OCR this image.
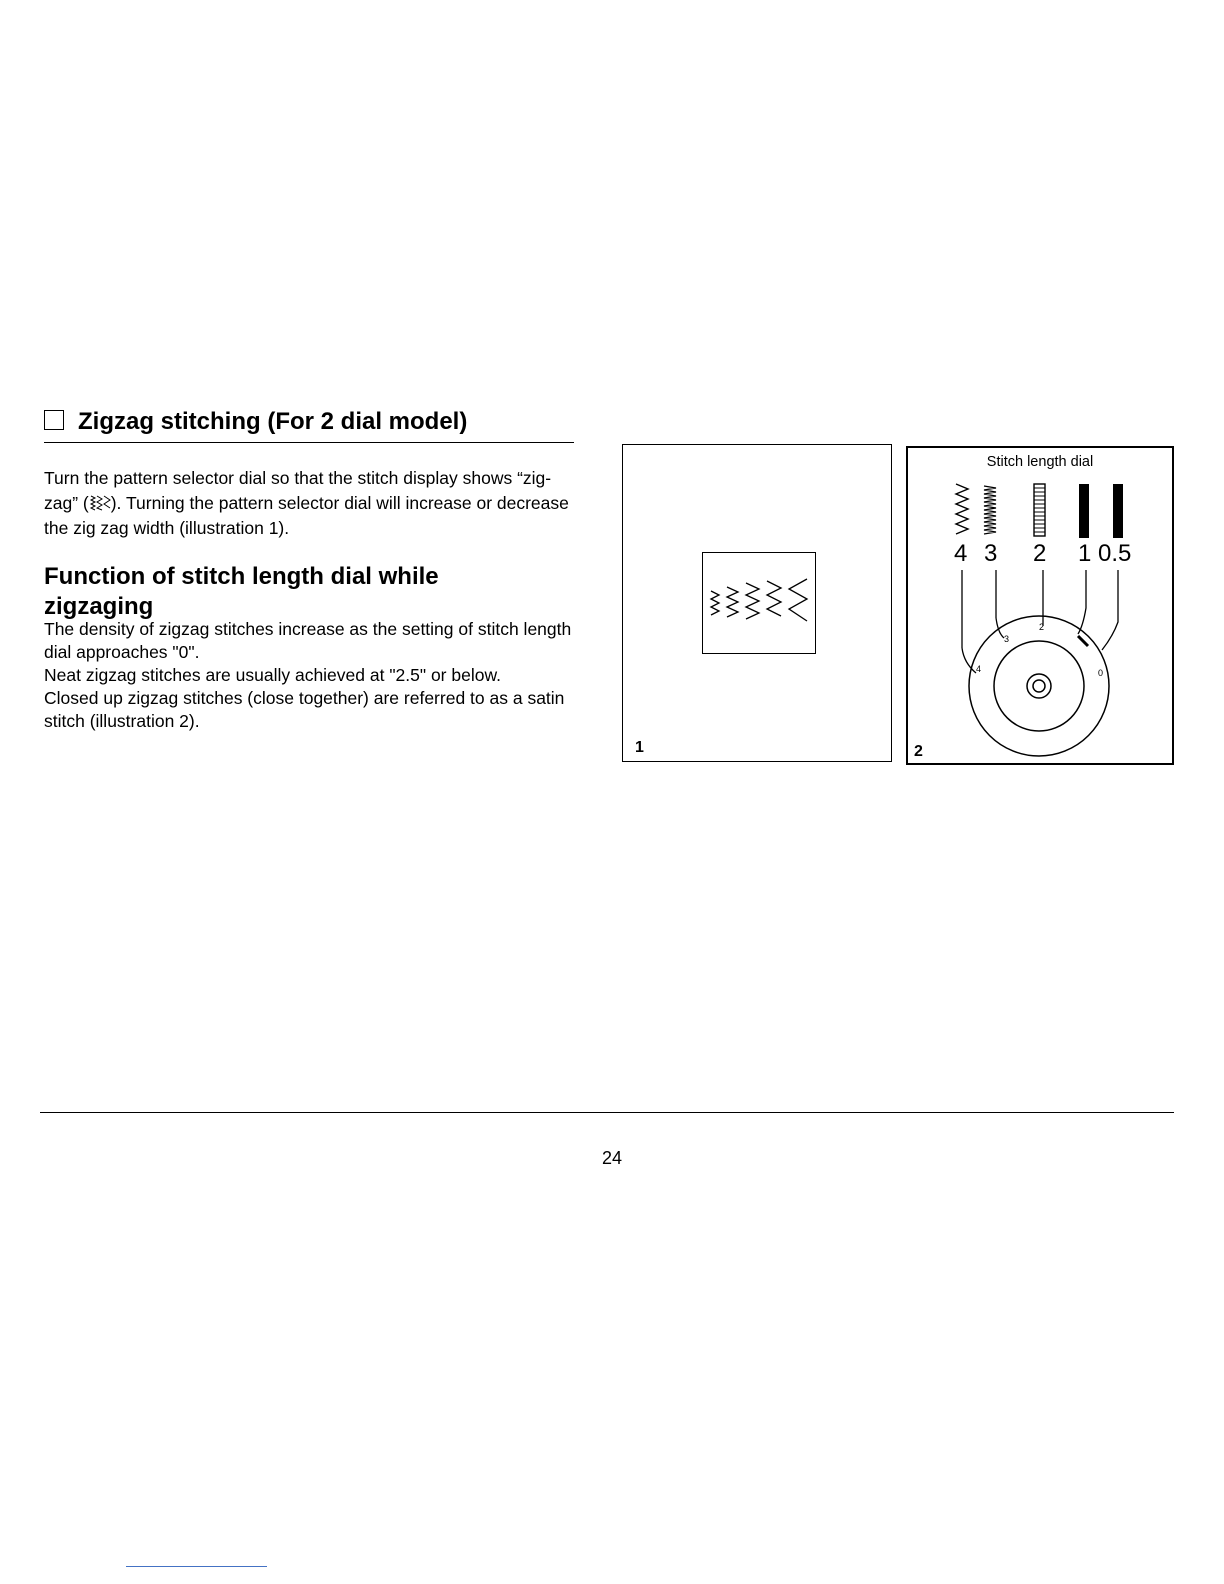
Zigzag stitching (For 2 dial model)
Turn the pattern selector dial so that the stitch display shows “zig-zag” ( ). Turning the pattern selector dial will increase or decrease the zig zag width (illustration 1).
Function of stitch length dial while zigzaging
The density of zigzag stitches increase as the setting of stitch length dial approaches "0".
Neat zigzag stitches are usually achieved at "2.5" or below.
Closed up zigzag stitches (close together) are referred to as a satin stitch (illustration 2).
1
Stitch length dial
4
3
2
0
4 3 2 1 0.5
2
24
